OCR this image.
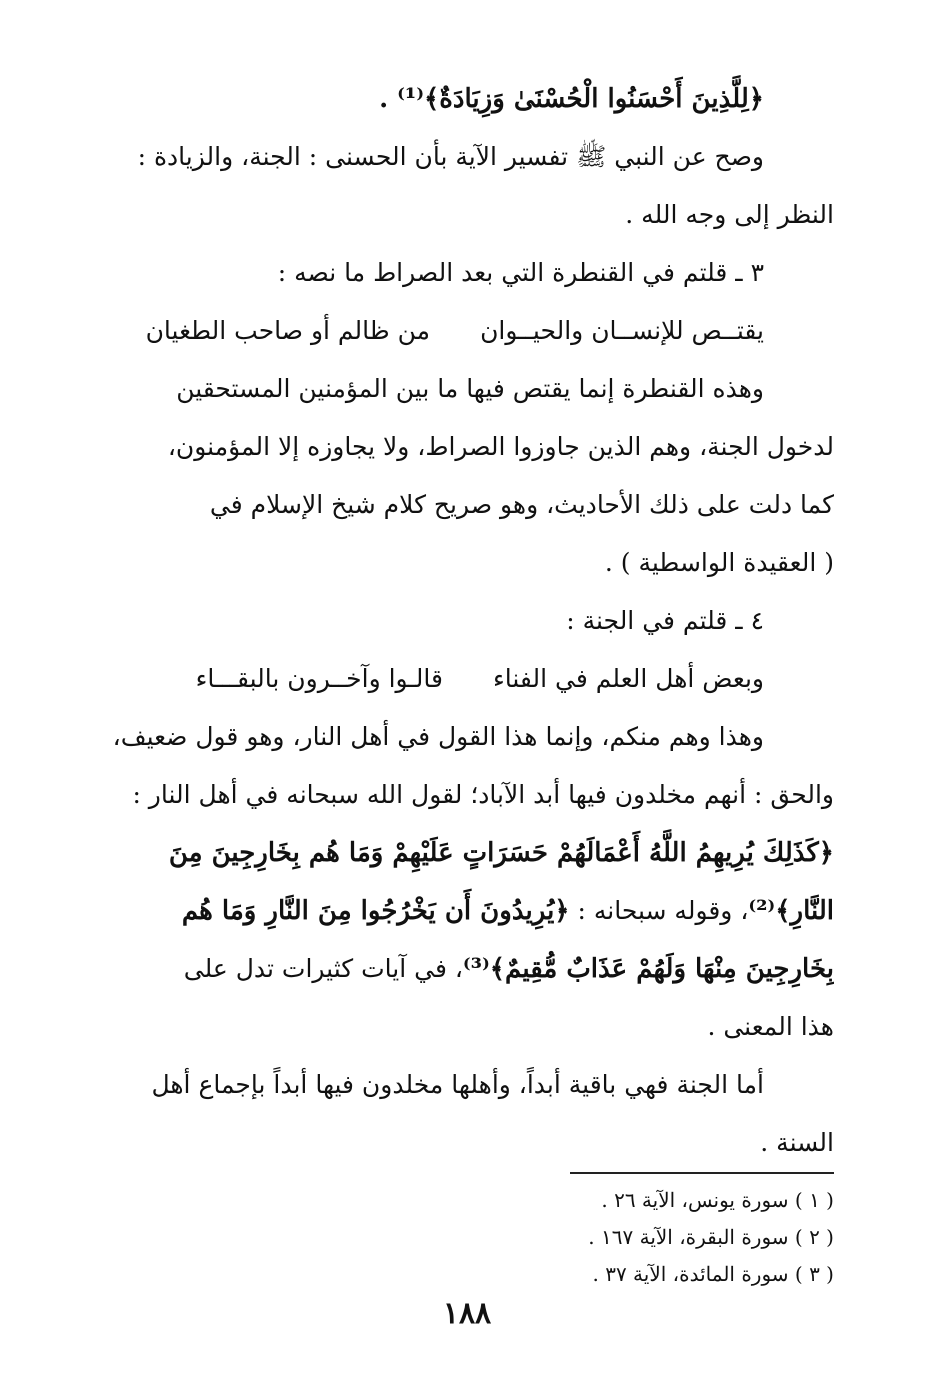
﴿لِلَّذِينَ أَحْسَنُوا الْحُسْنَىٰ وَزِيَادَةٌ﴾⁽¹⁾ .
وصح عن النبي ﷺ تفسير الآية بأن الحسنى : الجنة، والزيادة :
النظر إلى وجه الله .
٣ ـ قلتم في القنطرة التي بعد الصراط ما نصه :
يقتــص للإنســان والحيــوان
من ظالم أو صاحب الطغيان
وهذه القنطرة إنما يقتص فيها ما بين المؤمنين المستحقين
لدخول الجنة، وهم الذين جاوزوا الصراط، ولا يجاوزه إلا المؤمنون،
كما دلت على ذلك الأحاديث، وهو صريح كلام شيخ الإسلام في
( العقيدة الواسطية ) .
٤ ـ قلتم في الجنة :
وبعض أهل العلم في الفناء
قالـوا وآخــرون بالبقـــاء
وهذا وهم منكم، وإنما هذا القول في أهل النار، وهو قول ضعيف،
والحق : أنهم مخلدون فيها أبد الآباد؛ لقول الله سبحانه في أهل النار :
﴿كَذَلِكَ يُرِيهِمُ اللَّهُ أَعْمَالَهُمْ حَسَرَاتٍ عَلَيْهِمْ وَمَا هُم بِخَارِجِينَ مِنَ
النَّارِ﴾⁽²⁾، وقوله سبحانه : ﴿يُرِيدُونَ أَن يَخْرُجُوا مِنَ النَّارِ وَمَا هُم
بِخَارِجِينَ مِنْهَا وَلَهُمْ عَذَابٌ مُّقِيمٌ﴾⁽³⁾، في آيات كثيرات تدل على
هذا المعنى .
أما الجنة فهي باقية أبداً، وأهلها مخلدون فيها أبداً بإجماع أهل
السنة .
( ١ ) سورة يونس، الآية ٢٦ .
( ٢ ) سورة البقرة، الآية ١٦٧ .
( ٣ ) سورة المائدة، الآية ٣٧ .
١٨٨
